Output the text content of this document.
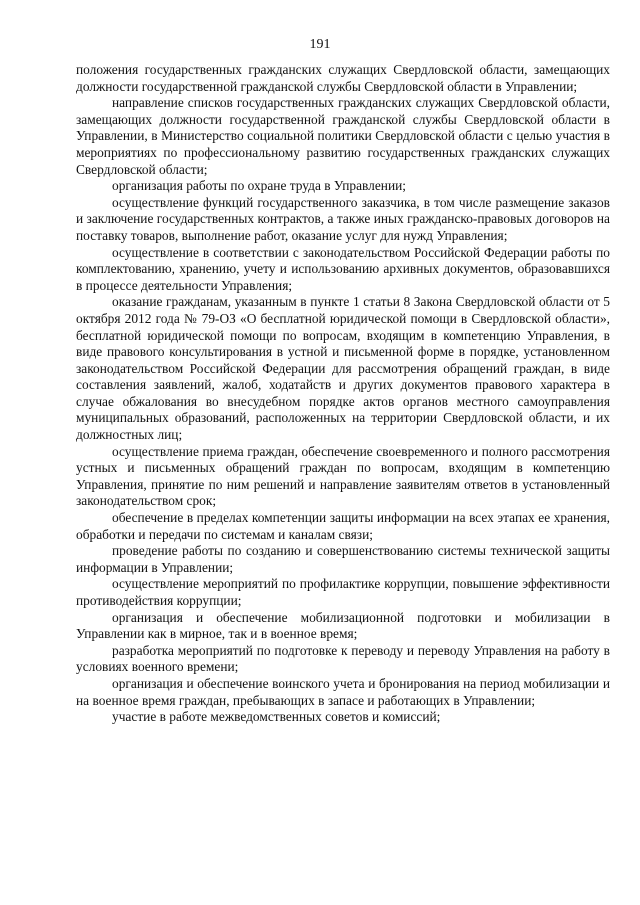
191

положения государственных гражданских служащих Свердловской области, замещающих должности государственной гражданской службы Свердловской области в Управлении;

направление списков государственных гражданских служащих Свердловской области, замещающих должности государственной гражданской службы Свердловской области в Управлении, в Министерство социальной политики Свердловской области с целью участия в мероприятиях по профессиональному развитию государственных гражданских служащих Свердловской области;

организация работы по охране труда в Управлении;

осуществление функций государственного заказчика, в том числе размещение заказов и заключение государственных контрактов, а также иных гражданско-правовых договоров на поставку товаров, выполнение работ, оказание услуг для нужд Управления;

осуществление в соответствии с законодательством Российской Федерации работы по комплектованию, хранению, учету и использованию архивных документов, образовавшихся в процессе деятельности Управления;

оказание гражданам, указанным в пункте 1 статьи 8 Закона Свердловской области от 5 октября 2012 года № 79-ОЗ «О бесплатной юридической помощи в Свердловской области», бесплатной юридической помощи по вопросам, входящим в компетенцию Управления, в виде правового консультирования в устной и письменной форме в порядке, установленном законодательством Российской Федерации для рассмотрения обращений граждан, в виде составления заявлений, жалоб, ходатайств и других документов правового характера в случае обжалования во внесудебном порядке актов органов местного самоуправления муниципальных образований, расположенных на территории Свердловской области, и их должностных лиц;

осуществление приема граждан, обеспечение своевременного и полного рассмотрения устных и письменных обращений граждан по вопросам, входящим в компетенцию Управления, принятие по ним решений и направление заявителям ответов в установленный законодательством срок;

обеспечение в пределах компетенции защиты информации на всех этапах ее хранения, обработки и передачи по системам и каналам связи;

проведение работы по созданию и совершенствованию системы технической защиты информации в Управлении;

осуществление мероприятий по профилактике коррупции, повышение эффективности противодействия коррупции;

организация и обеспечение мобилизационной подготовки и мобилизации в Управлении как в мирное, так и в военное время;

разработка мероприятий по подготовке к переводу и переводу Управления на работу в условиях военного времени;

организация и обеспечение воинского учета и бронирования на период мобилизации и на военное время граждан, пребывающих в запасе и работающих в Управлении;

участие в работе межведомственных советов и комиссий;
